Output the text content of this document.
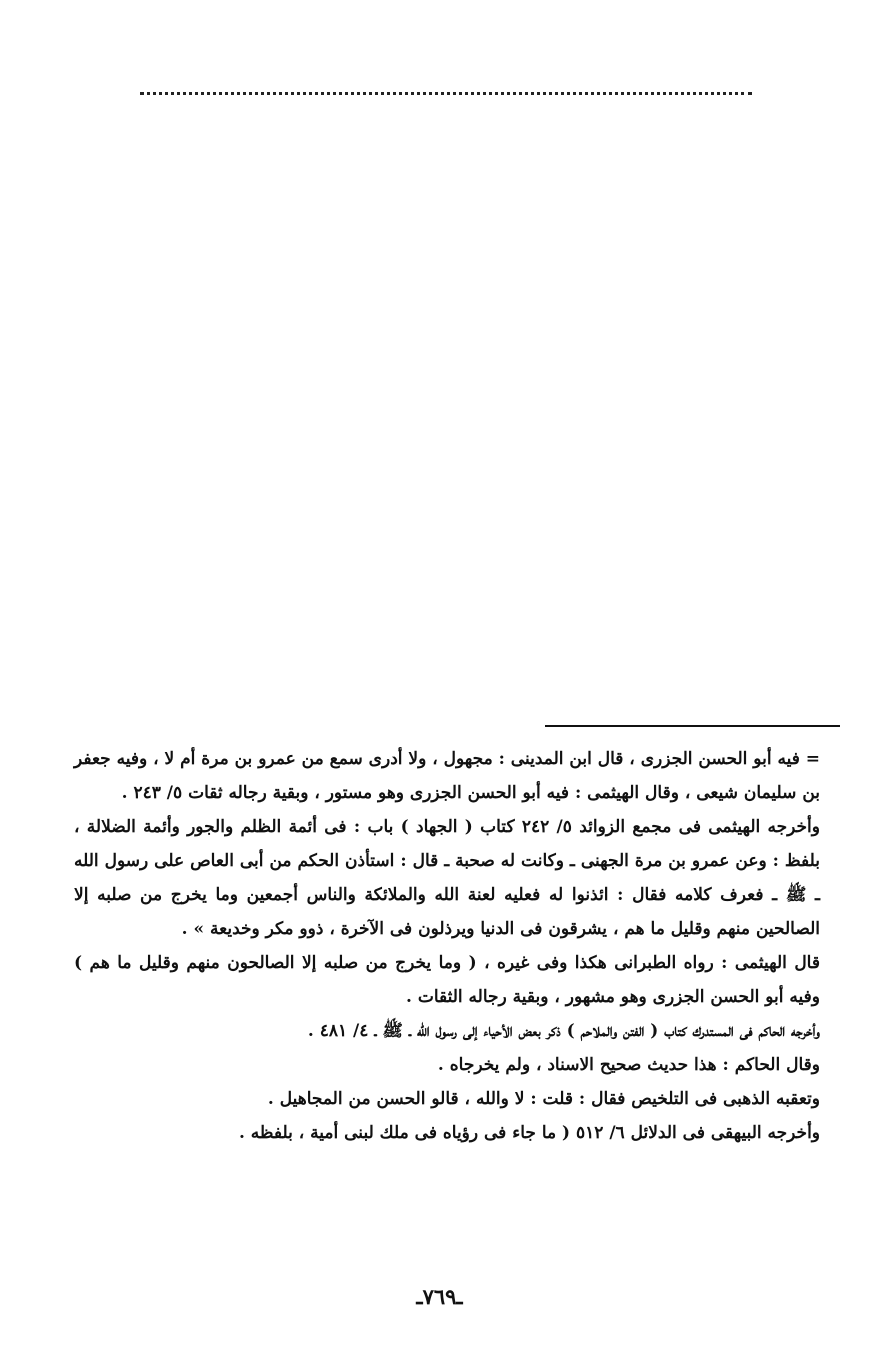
= فيه أبو الحسن الجزرى ، قال ابن المدينى : مجهول ، ولا أدرى سمع من عمرو بن مرة أم لا ، وفيه جعفر بن سليمان شيعى ، وقال الهيثمى : فيه أبو الحسن الجزرى وهو مستور ، وبقية رجاله ثقات ٥/ ٢٤٣ .

وأخرجه الهيثمى فى مجمع الزوائد ٥/ ٢٤٢ كتاب ( الجهاد ) باب : فى أئمة الظلم والجور وأئمة الضلالة ، بلفظ : وعن عمرو بن مرة الجهنى ـ وكانت له صحبة ـ قال : استأذن الحكم من أبى العاص على رسول الله ـ ﷺ ـ فعرف كلامه فقال : ائذنوا له فعليه لعنة الله والملائكة والناس أجمعين وما يخرج من صلبه إلا الصالحين منهم وقليل ما هم ، يشرقون فى الدنيا ويرذلون فى الآخرة ، ذوو مكر وخديعة » .

قال الهيثمى : رواه الطبرانى هكذا وفى غيره ، ( وما يخرج من صلبه إلا الصالحون منهم وقليل ما هم ) وفيه أبو الحسن الجزرى وهو مشهور ، وبقية رجاله الثقات .

وأخرجه الحاكم فى المستدرك كتاب ( الفتن والملاحم ) ذكر بعض الأحياء إلى رسول الله ـ ﷺ ـ ٤/ ٤٨١ .

وقال الحاكم : هذا حديث صحيح الاسناد ، ولم يخرجاه .

وتعقبه الذهبى فى التلخيص فقال : قلت : لا والله ، قالو الحسن من المجاهيل .

وأخرجه البيهقى فى الدلائل ٦/ ٥١٢ ( ما جاء فى رؤياه فى ملك لبنى أمية ، بلفظه .

ـ٧٦٩ـ
